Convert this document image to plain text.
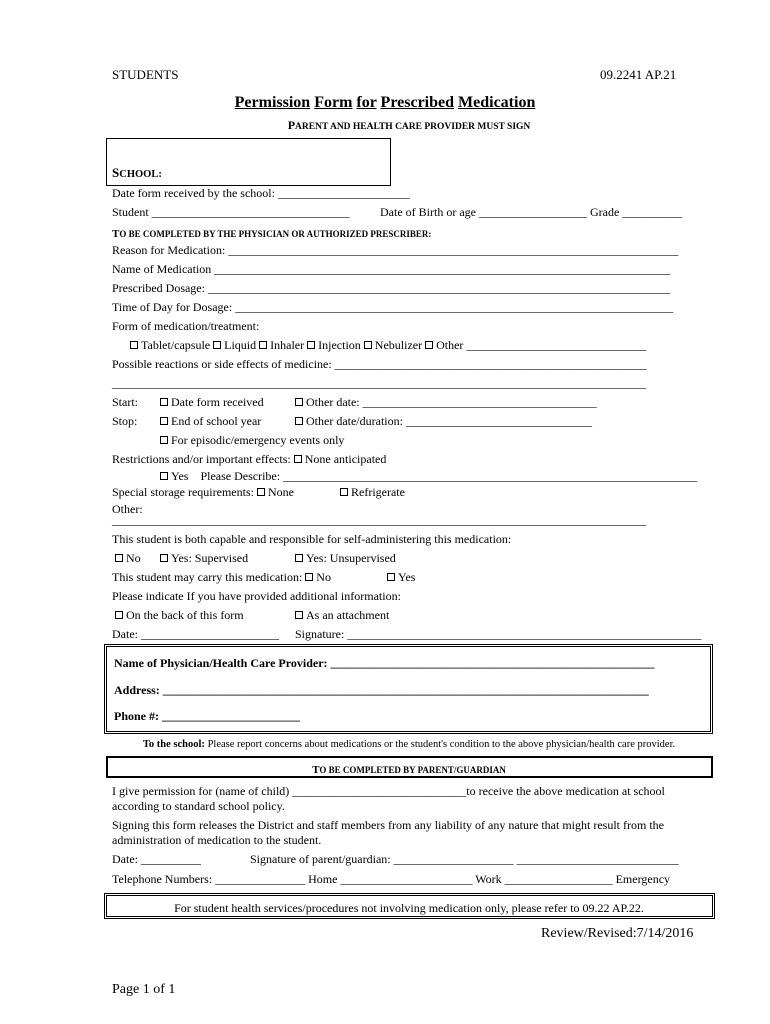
STUDENTS	09.2241 AP.21
Permission Form for Prescribed Medication
PARENT AND HEALTH CARE PROVIDER MUST SIGN
SCHOOL:
Date form received by the school: ______________________
Student _________________________________	Date of Birth or age __________________ Grade __________
TO BE COMPLETED BY THE PHYSICIAN OR AUTHORIZED PRESCRIBER:
Reason for Medication: ___________________________________________________________________________
Name of Medication ____________________________________________________________________________
Prescribed Dosage: _____________________________________________________________________________
Time of Day for Dosage: _________________________________________________________________________
Form of medication/treatment:
Tablet/capsule Liquid Inhaler Injection Nebulizer Other ______________________________
Possible reactions or side effects of medicine: ____________________________________________________
_________________________________________________________________________________________
Start:	Date form received	Other date: _______________________________________
Stop:	End of school year	Other date/duration: _______________________________
For episodic/emergency events only
Restrictions and/or important effects: None anticipated
Yes    Please Describe: _____________________________________________________________________
Special storage requirements: None	Refrigerate
Other:
_________________________________________________________________________________________
This student is both capable and responsible for self-administering this medication:
No	Yes: Supervised	Yes: Unsupervised
This student may carry this medication: No	Yes
Please indicate If you have provided additional information:
On the back of this form	As an attachment
Date: _______________________ Signature: ___________________________________________________________
Name of Physician/Health Care Provider: ______________________________________________________
Address: _________________________________________________________________________________
Phone #: _______________________
To the school: Please report concerns about medications or the student's condition to the above physician/health care provider.
TO BE COMPLETED BY PARENT/GUARDIAN
I give permission for (name of child) _____________________________to receive the above medication at school
according to standard school policy.
Signing this form releases the District and staff members from any liability of any nature that might result from the
administration of medication to the student.
Date: __________	Signature of parent/guardian: ____________________ ___________________________
Telephone Numbers: _______________ Home ______________________ Work __________________ Emergency
For student health services/procedures not involving medication only, please refer to 09.22 AP.22.
Review/Revised:7/14/2016
Page 1 of 1
